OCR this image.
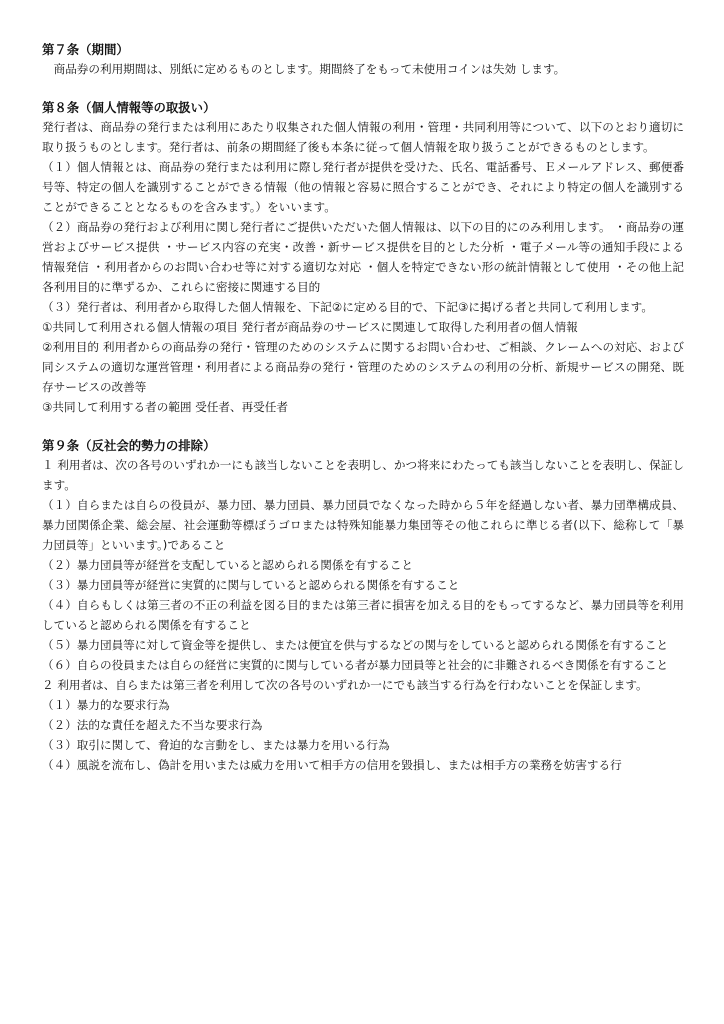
第７条（期間）

　商品券の利用期間は、別紙に定めるものとします。期間終了をもって未使用コインは失効 します。

第８条（個人情報等の取扱い）

発行者は、商品券の発行または利用にあたり収集された個人情報の利用・管理・共同利用等について、以下のとおり適切に取り扱うものとします。発行者は、前条の期間経了後も本条に従って個人情報を取り扱うことができるものとします。

（１）個人情報とは、商品券の発行または利用に際し発行者が提供を受けた、氏名、電話番号、Ｅメールアドレス、郵便番号等、特定の個人を識別することができる情報（他の情報と容易に照合することができ、それにより特定の個人を識別することができることとなるものを含みます。）をいいます。

（２）商品券の発行および利用に関し発行者にご提供いただいた個人情報は、以下の目的にのみ利用します。 ・商品券の運営およびサービス提供 ・サービス内容の充実・改善・新サービス提供を目的とした分析 ・電子メール等の通知手段による情報発信 ・利用者からのお問い合わせ等に対する適切な対応 ・個人を特定できない形の統計情報として使用 ・その他上記各利用目的に準ずるか、これらに密接に関連する目的

（３）発行者は、利用者から取得した個人情報を、下記②に定める目的で、下記③に掲げる者と共同して利用します。

①共同して利用される個人情報の項目 発行者が商品券のサービスに関連して取得した利用者の個人情報

②利用目的 利用者からの商品券の発行・管理のためのシステムに関するお問い合わせ、ご相談、クレームへの対応、および同システムの適切な運営管理・利用者による商品券の発行・管理のためのシステムの利用の分析、新規サービスの開発、既存サービスの改善等

③共同して利用する者の範囲 受任者、再受任者

第９条（反社会的勢力の排除）

１ 利用者は、次の各号のいずれか一にも該当しないことを表明し、かつ将来にわたっても該当しないことを表明し、保証します。

（１）自らまたは自らの役員が、暴力団、暴力団員、暴力団員でなくなった時から５年を経過しない者、暴力団準構成員、暴力団関係企業、総会屋、社会運動等標ぼうゴロまたは特殊知能暴力集団等その他これらに準じる者(以下、総称して「暴力団員等」といいます。)であること

（２）暴力団員等が経営を支配していると認められる関係を有すること

（３）暴力団員等が経営に実質的に関与していると認められる関係を有すること

（４）自らもしくは第三者の不正の利益を図る目的または第三者に損害を加える目的をもってするなど、暴力団員等を利用していると認められる関係を有すること

（５）暴力団員等に対して資金等を提供し、または便宜を供与するなどの関与をしていると認められる関係を有すること

（６）自らの役員または自らの経営に実質的に関与している者が暴力団員等と社会的に非難されるべき関係を有すること

２ 利用者は、自らまたは第三者を利用して次の各号のいずれか一にでも該当する行為を行わないことを保証します。

（１）暴力的な要求行為

（２）法的な責任を超えた不当な要求行為

（３）取引に関して、脅迫的な言動をし、または暴力を用いる行為

（４）風説を流布し、偽計を用いまたは威力を用いて相手方の信用を毀損し、または相手方の業務を妨害する行
